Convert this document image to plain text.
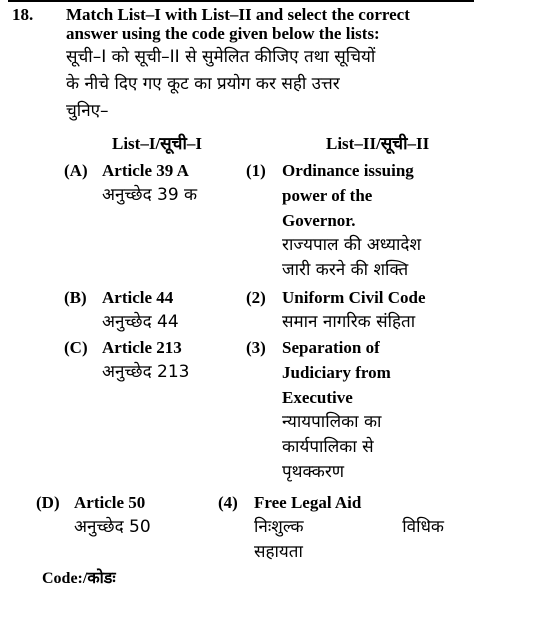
18. Match List–I with List–II and select the correct
answer using the code given below the lists:
सूची–I को सूची–II से सुमेलित कीजिए तथा सूचियों
के नीचे दिए गए कूट का प्रयोग कर सही उत्तर
चुनिए–
List–I/सूची–I	List–II/सूची–II
(A) Article 39 A
अनुच्छेद 39 क
(B) Article 44
अनुच्छेद 44
(C) Article 213
अनुच्छेद 213
(D) Article 50
अनुच्छेद 50
(1) Ordinance issuing
power of the
Governor.
राज्यपाल की अध्यादेश
जारी करने की शक्ति
(2) Uniform Civil Code
समान नागरिक संहिता
(3) Separation of
Judiciary from
Executive
न्यायपालिका का
कार्यपालिका से
पृथक्करण
(4) Free Legal Aid
निःशुल्क	विधिक
सहायता
Code:/कोडः
